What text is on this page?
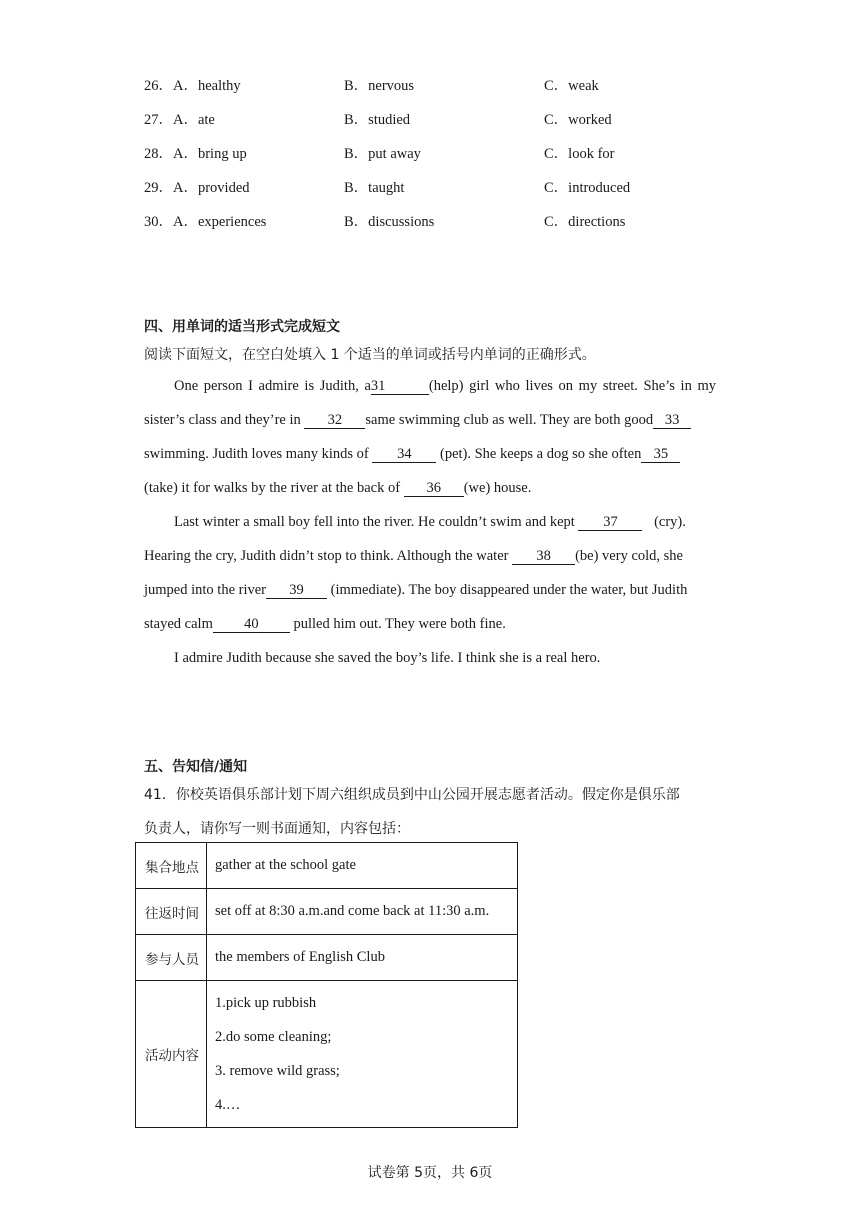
26．A．healthy	B．nervous	C．weak
27．A．ate	B．studied	C．worked
28．A．bring up	B．put away	C．look for
29．A．provided	B．taught	C．introduced
30．A．experiences	B．discussions	C．directions
四、用单词的适当形式完成短文
阅读下面短文，在空白处填入 1 个适当的单词或括号内单词的正确形式。
One person I admire is Judith, a31	(help) girl who lives on my street. She’s in my
sister’s class and they’re in 32 same swimming club as well. They are both good 33
swimming. Judith loves many kinds of 34 (pet). She keeps a dog so she often 35
(take) it for walks by the river at the back of 36 (we) house.
Last winter a small boy fell into the river. He couldn’t swim and kept 37 (cry).
Hearing the cry, Judith didn’t stop to think. Although the water 38 (be) very cold, she
jumped into the river 39 (immediate). The boy disappeared under the water, but Judith
stayed calm 40 pulled him out. They were both fine.
I admire Judith because she saved the boy’s life. I think she is a real hero.
五、告知信/通知
41．你校英语俱乐部计划下周六组织成员到中山公园开展志愿者活动。假定你是俱乐部
负责人，请你写一则书面通知，内容包括：
集合地点	gather at the school gate
往返时间	set off at 8:30 a.m.and come back at 11:30 a.m.
参与人员	the members of English Club
活动内容	1.pick up rubbish
2.do some cleaning;
3. remove wild grass;
4.…
试卷第 5页，共 6页
